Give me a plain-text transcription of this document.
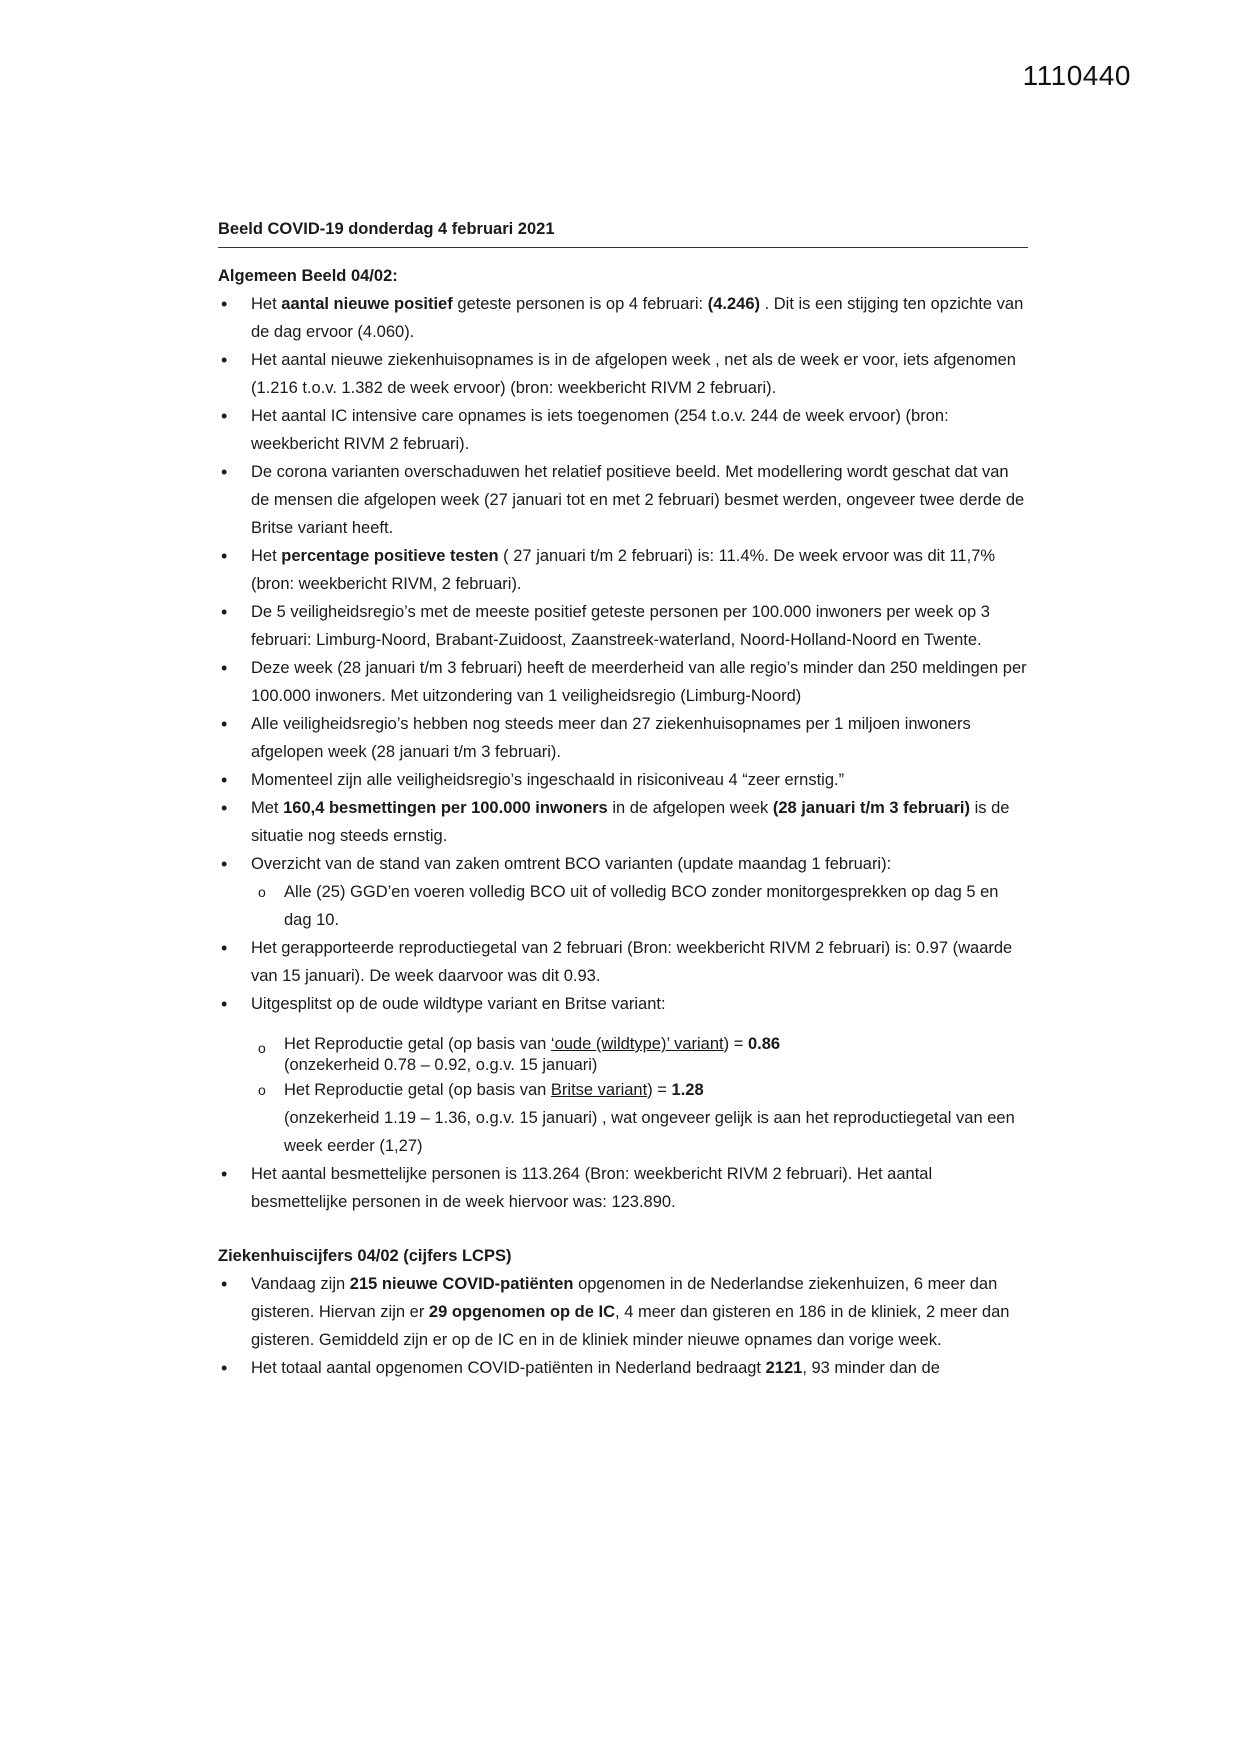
1110440
Beeld COVID-19 donderdag 4 februari 2021
Algemeen Beeld 04/02:
• Het aantal nieuwe positief geteste personen is op 4 februari: (4.246) . Dit is een stijging ten opzichte van de dag ervoor (4.060).
• Het aantal nieuwe ziekenhuisopnames is in de afgelopen week , net als de week er voor, iets afgenomen (1.216 t.o.v. 1.382 de week ervoor) (bron: weekbericht RIVM 2 februari).
• Het aantal IC intensive care opnames is iets toegenomen (254 t.o.v. 244 de week ervoor) (bron: weekbericht RIVM 2 februari).
• De corona varianten overschaduwen het relatief positieve beeld. Met modellering wordt geschat dat van de mensen die afgelopen week (27 januari tot en met 2 februari) besmet werden, ongeveer twee derde de Britse variant heeft.
• Het percentage positieve testen ( 27 januari t/m 2 februari) is: 11.4%. De week ervoor was dit 11,7% (bron: weekbericht RIVM, 2 februari).
• De 5 veiligheidsregio’s met de meeste positief geteste personen per 100.000 inwoners per week op 3 februari: Limburg-Noord, Brabant-Zuidoost, Zaanstreek-waterland, Noord-Holland-Noord en Twente.
• Deze week (28 januari t/m 3 februari) heeft de meerderheid van alle regio’s minder dan 250 meldingen per 100.000 inwoners. Met uitzondering van 1 veiligheidsregio (Limburg-Noord)
• Alle veiligheidsregio’s hebben nog steeds meer dan 27 ziekenhuisopnames per 1 miljoen inwoners afgelopen week (28 januari t/m 3 februari).
• Momenteel zijn alle veiligheidsregio’s ingeschaald in risiconiveau 4 “zeer ernstig.”
• Met 160,4 besmettingen per 100.000 inwoners in de afgelopen week (28 januari t/m 3 februari) is de situatie nog steeds ernstig.
• Overzicht van de stand van zaken omtrent BCO varianten (update maandag 1 februari):
o Alle (25) GGD’en voeren volledig BCO uit of volledig BCO zonder monitorgesprekken op dag 5 en dag 10.
• Het gerapporteerde reproductiegetal van 2 februari (Bron: weekbericht RIVM 2 februari) is: 0.97 (waarde van 15 januari). De week daarvoor was dit 0.93.
• Uitgesplitst op de oude wildtype variant en Britse variant:
o Het Reproductie getal (op basis van ‘oude (wildtype)’ variant) = 0.86
(onzekerheid 0.78 – 0.92, o.g.v. 15 januari)
o Het Reproductie getal (op basis van Britse variant) = 1.28
(onzekerheid 1.19 – 1.36, o.g.v. 15 januari) , wat ongeveer gelijk is aan het reproductiegetal van een week eerder (1,27)
• Het aantal besmettelijke personen is 113.264 (Bron: weekbericht RIVM 2 februari). Het aantal besmettelijke personen in de week hiervoor was: 123.890.
Ziekenhuiscijfers 04/02 (cijfers LCPS)
• Vandaag zijn 215 nieuwe COVID-patiënten opgenomen in de Nederlandse ziekenhuizen, 6 meer dan gisteren. Hiervan zijn er 29 opgenomen op de IC, 4 meer dan gisteren en 186 in de kliniek, 2 meer dan gisteren. Gemiddeld zijn er op de IC en in de kliniek minder nieuwe opnames dan vorige week.
• Het totaal aantal opgenomen COVID-patiënten in Nederland bedraagt 2121, 93 minder dan de
